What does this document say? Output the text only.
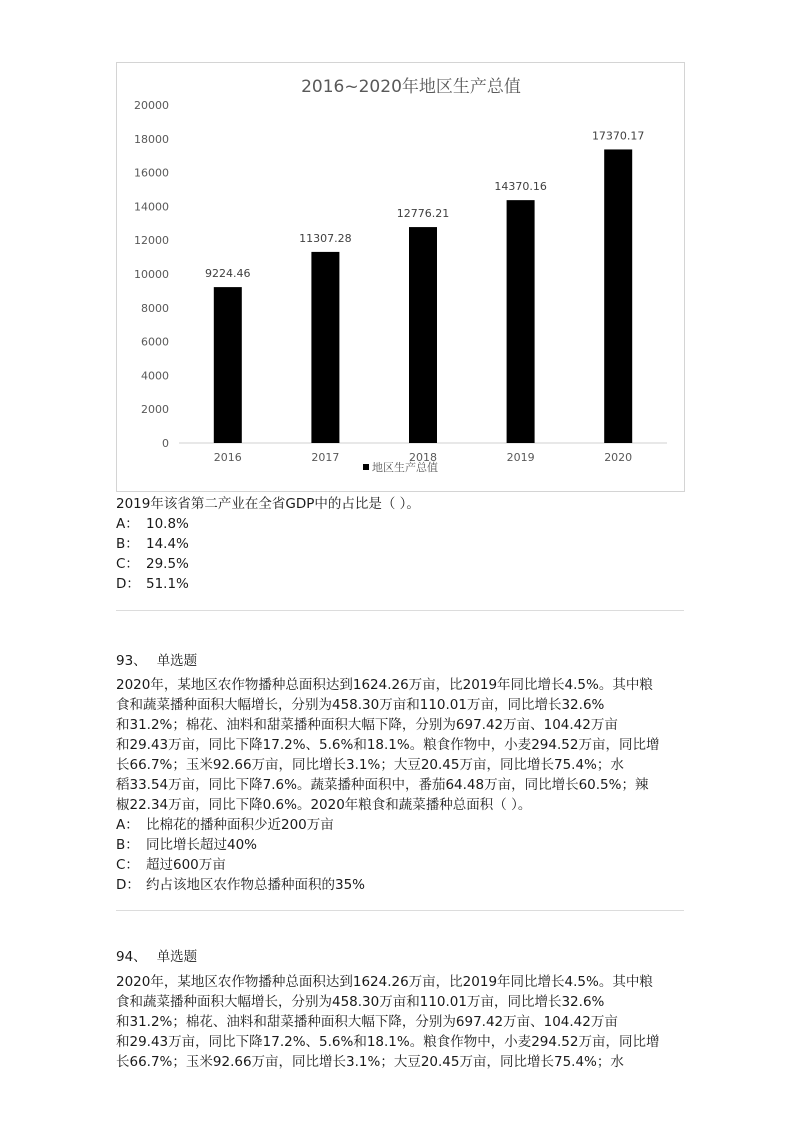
2016~2020年地区生产总值
0
2000
4000
6000
8000
10000
12000
14000
16000
18000
20000
9224.46
2016
11307.28
2017
12776.21
2018
14370.16
2019
17370.17
2020
地区生产总值
2019年该省第二产业在全省GDP中的占比是（ ）。
A： 10.8%
B： 14.4%
C： 29.5%
D： 51.1%
93、 单选题
2020年，某地区农作物播种总面积达到1624.26万亩，比2019年同比增长4.5%。其中粮
食和蔬菜播种面积大幅增长，分别为458.30万亩和110.01万亩，同比增长32.6%
和31.2%；棉花、油料和甜菜播种面积大幅下降，分别为697.42万亩、104.42万亩
和29.43万亩，同比下降17.2%、5.6%和18.1%。粮食作物中，小麦294.52万亩，同比增
长66.7%；玉米92.66万亩，同比增长3.1%；大豆20.45万亩，同比增长75.4%；水
稻33.54万亩，同比下降7.6%。蔬菜播种面积中，番茄64.48万亩，同比增长60.5%；辣
椒22.34万亩，同比下降0.6%。2020年粮食和蔬菜播种总面积（ ）。
A： 比棉花的播种面积少近200万亩
B： 同比增长超过40%
C： 超过600万亩
D： 约占该地区农作物总播种面积的35%
94、 单选题
2020年，某地区农作物播种总面积达到1624.26万亩，比2019年同比增长4.5%。其中粮
食和蔬菜播种面积大幅增长，分别为458.30万亩和110.01万亩，同比增长32.6%
和31.2%；棉花、油料和甜菜播种面积大幅下降，分别为697.42万亩、104.42万亩
和29.43万亩，同比下降17.2%、5.6%和18.1%。粮食作物中，小麦294.52万亩，同比增
长66.7%；玉米92.66万亩，同比增长3.1%；大豆20.45万亩，同比增长75.4%；水
